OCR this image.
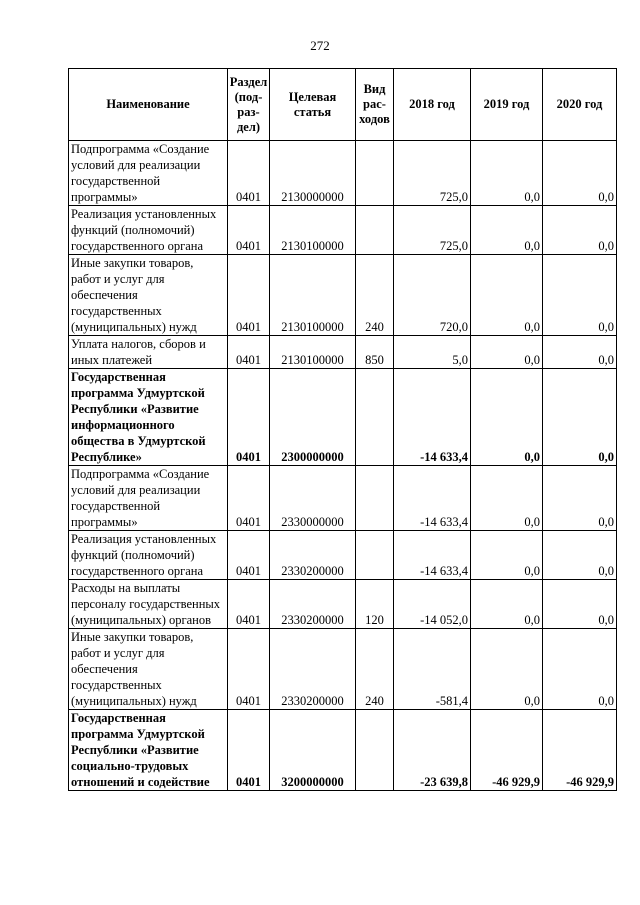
272
Наименование	Раздел (под-раз-дел)	Целевая статья	Вид рас-ходов	2018 год	2019 год	2020 год
Подпрограмма «Создание условий для реализации государственной программы»	0401	2130000000		725,0	0,0	0,0
Реализация установленных функций (полномочий) государственного органа	0401	2130100000		725,0	0,0	0,0
Иные закупки товаров, работ и услуг для обеспечения государственных (муниципальных) нужд	0401	2130100000	240	720,0	0,0	0,0
Уплата налогов, сборов и иных платежей	0401	2130100000	850	5,0	0,0	0,0
Государственная программа Удмуртской Республики «Развитие информационного общества в Удмуртской Республике»	0401	2300000000		-14 633,4	0,0	0,0
Подпрограмма «Создание условий для реализации государственной программы»	0401	2330000000		-14 633,4	0,0	0,0
Реализация установленных функций (полномочий) государственного органа	0401	2330200000		-14 633,4	0,0	0,0
Расходы на выплаты персоналу государственных (муниципальных) органов	0401	2330200000	120	-14 052,0	0,0	0,0
Иные закупки товаров, работ и услуг для обеспечения государственных (муниципальных) нужд	0401	2330200000	240	-581,4	0,0	0,0
Государственная программа Удмуртской Республики «Развитие социально-трудовых отношений и содействие	0401	3200000000		-23 639,8	-46 929,9	-46 929,9
